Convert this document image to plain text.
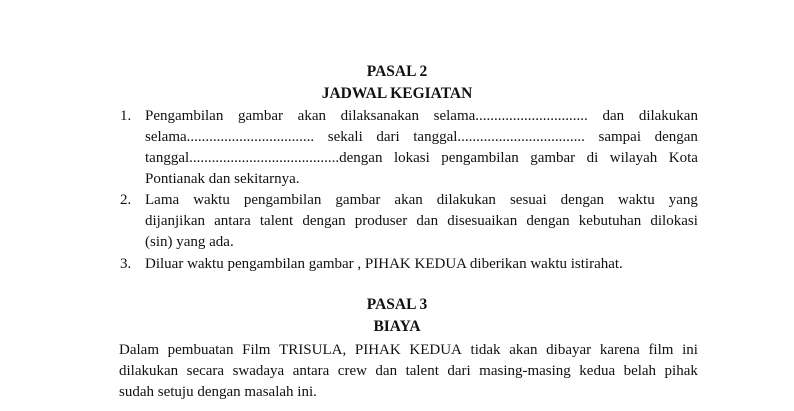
PASAL 2
JADWAL KEGIATAN
1. Pengambilan gambar akan dilaksanakan selama.............................. dan dilakukan
selama.................................. sekali dari tanggal.................................. sampai dengan
tanggal........................................dengan lokasi pengambilan gambar di wilayah Kota
Pontianak dan sekitarnya.
2. Lama waktu pengambilan gambar akan dilakukan sesuai dengan waktu yang
dijanjikan antara talent dengan produser dan disesuaikan dengan kebutuhan dilokasi
(sin) yang ada.
3. Diluar waktu pengambilan gambar , PIHAK KEDUA diberikan waktu istirahat.
PASAL 3
BIAYA
Dalam pembuatan Film TRISULA, PIHAK KEDUA tidak akan dibayar karena film ini
dilakukan secara swadaya antara crew dan talent dari masing-masing kedua belah pihak
sudah setuju dengan masalah ini.
